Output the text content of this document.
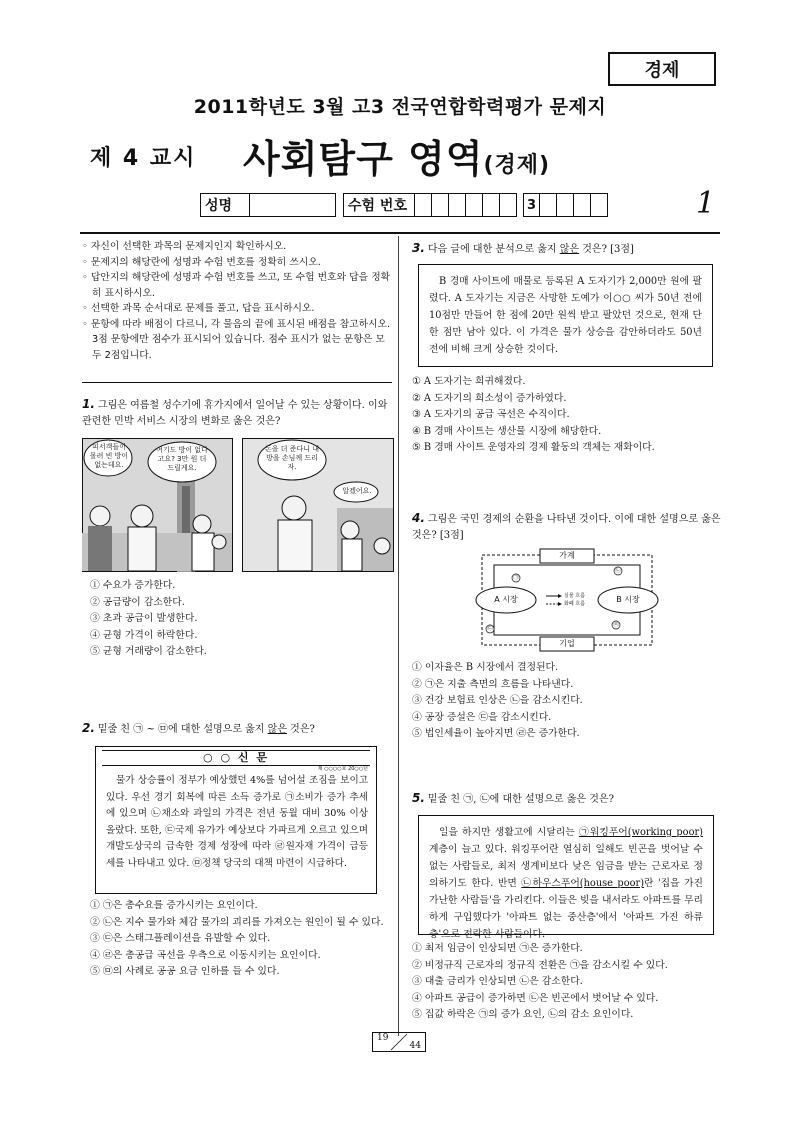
경제
2011학년도 3월 고3 전국연합학력평가 문제지
제 4 교시 사회탐구 영역(경제)
성명	수험 번호	3	1
◦ 자신이 선택한 과목의 문제지인지 확인하시오.
◦ 문제지의 해당란에 성명과 수험 번호를 정확히 쓰시오.
◦ 답안지의 해당란에 성명과 수험 번호를 쓰고, 또 수험 번호와 답을 정확히 표시하시오.
◦ 선택한 과목 순서대로 문제를 풀고, 답을 표시하시오.
◦ 문항에 따라 배점이 다르니, 각 물음의 끝에 표시된 배점을 참고하시오. 3점 문항에만 점수가 표시되어 있습니다. 점수 표시가 없는 문항은 모두 2점입니다.
1. 그림은 여름철 성수기에 휴가지에서 일어날 수 있는 상황이다. 이와 관련한 민박 서비스 시장의 변화로 옳은 것은?
피서객들이 몰려 빈 방이 없는데요.
여기도 방이 없다고요? 3만 원 더 드릴게요.
돈을 더 준다니 내 방을 손님께 드리자.
알겠어요.
① 수요가 증가한다.
② 공급량이 감소한다.
③ 초과 공급이 발생한다.
④ 균형 가격이 하락한다.
⑤ 균형 거래량이 감소한다.
2. 밑줄 친 ㉠ ~ ㉤에 대한 설명으로 옳지 않은 것은?
○ ○ 신 문
제 ○○○○호 20○○년
물가 상승률이 정부가 예상했던 4%를 넘어설 조짐을 보이고 있다. 우선 경기 회복에 따른 소득 증가로 ㉠소비가 증가 추세에 있으며 ㉡채소와 과일의 가격은 전년 동월 대비 30% 이상 올랐다. 또한, ㉢국제 유가가 예상보다 가파르게 오르고 있으며 개발도상국의 급속한 경제 성장에 따라 ㉣원자재 가격이 급등세를 나타내고 있다. ㉤정책 당국의 대책 마련이 시급하다.
① ㉠은 총수요를 증가시키는 요인이다.
② ㉡은 지수 물가와 체감 물가의 괴리를 가져오는 원인이 될 수 있다.
③ ㉢은 스태그플레이션을 유발할 수 있다.
④ ㉣은 총공급 곡선을 우측으로 이동시키는 요인이다.
⑤ ㉤의 사례로 공공 요금 인하를 들 수 있다.
3. 다음 글에 대한 분석으로 옳지 않은 것은? [3점]
B 경매 사이트에 매물로 등록된 A 도자기가 2,000만 원에 팔렸다. A 도자기는 지금은 사망한 도예가 이○○ 씨가 50년 전에 10점만 만들어 한 점에 20만 원씩 받고 팔았던 것으로, 현재 단 한 점만 남아 있다. 이 가격은 물가 상승을 감안하더라도 50년 전에 비해 크게 상승한 것이다.
① A 도자기는 희귀해졌다.
② A 도자기의 희소성이 증가하였다.
③ A 도자기의 공급 곡선은 수직이다.
④ B 경매 사이트는 생산물 시장에 해당한다.
⑤ B 경매 사이트 운영자의 경제 활동의 객체는 재화이다.
4. 그림은 국민 경제의 순환을 나타낸 것이다. 이에 대한 설명으로 옳은 것은? [3점]
가계
기업
A 시장	B 시장
실물 흐름
화폐 흐름
㉠
㉡
㉢
㉣
① 이자율은 B 시장에서 결정된다.
② ㉠은 지출 측면의 흐름을 나타낸다.
③ 건강 보험료 인상은 ㉡을 감소시킨다.
④ 공장 증설은 ㉢을 감소시킨다.
⑤ 법인세율이 높아지면 ㉣은 증가한다.
5. 밑줄 친 ㉠, ㉡에 대한 설명으로 옳은 것은?
일을 하지만 생활고에 시달리는 ㉠워킹푸어(working poor) 계층이 늘고 있다. 워킹푸어란 열심히 일해도 빈곤을 벗어날 수 없는 사람들로, 최저 생계비보다 낮은 임금을 받는 근로자로 정의하기도 한다. 반면 ㉡하우스푸어(house poor)란 '집을 가진 가난한 사람들'을 가리킨다. 이들은 빚을 내서라도 아파트를 무리하게 구입했다가 '아파트 없는 중산층'에서 '아파트 가진 하류층'으로 전락한 사람들이다.
① 최저 임금이 인상되면 ㉠은 증가한다.
② 비정규직 근로자의 정규직 전환은 ㉠을 감소시킬 수 있다.
③ 대출 금리가 인상되면 ㉡은 감소한다.
④ 아파트 공급이 증가하면 ㉡은 빈곤에서 벗어날 수 있다.
⑤ 집값 하락은 ㉠의 증가 요인, ㉡의 감소 요인이다.
19
44
